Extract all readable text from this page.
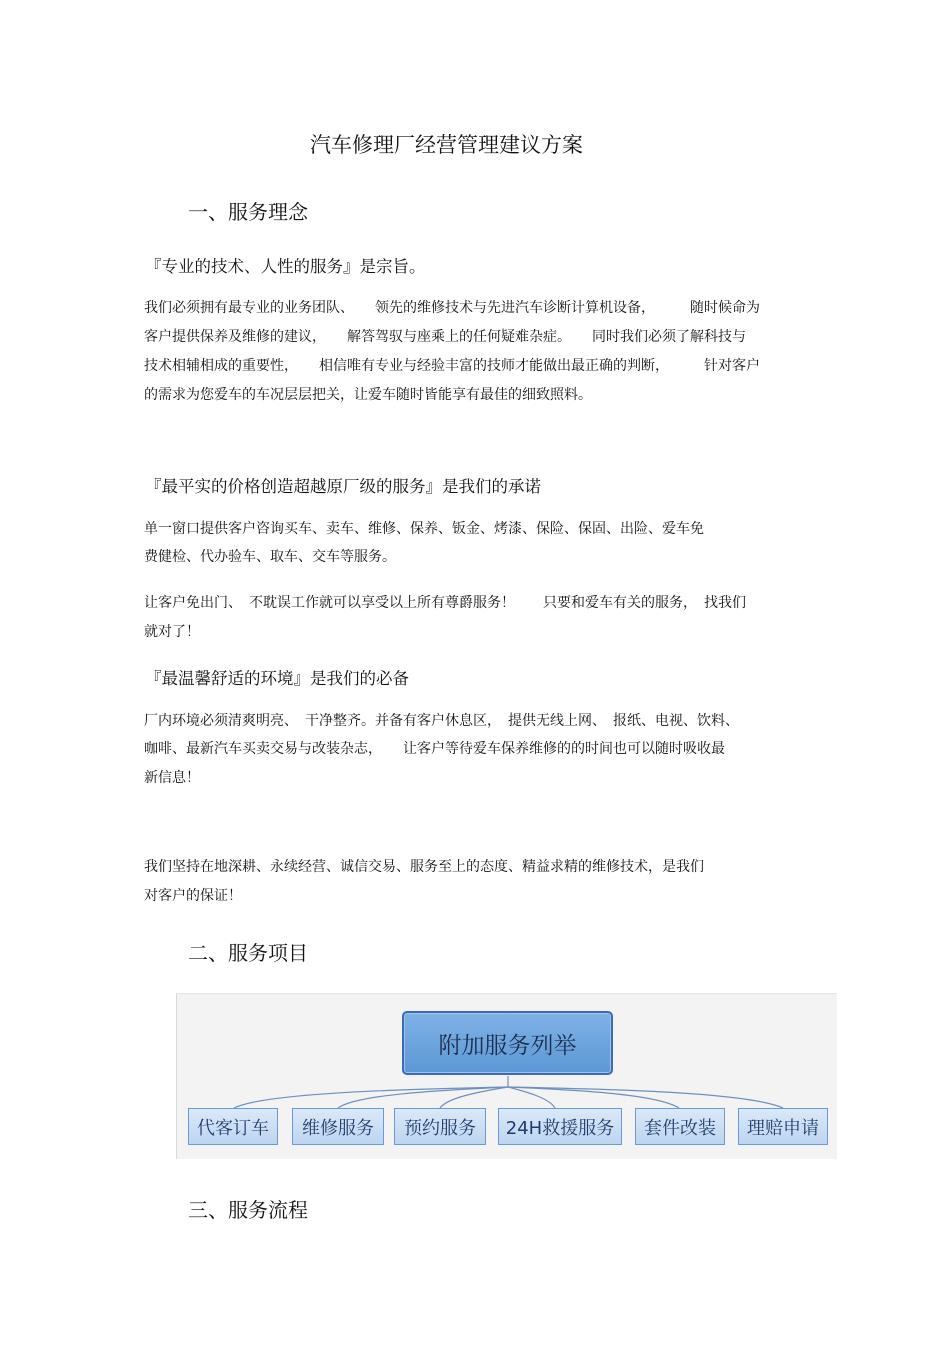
汽车修理厂经营管理建议方案
一、服务理念
『专业的技术、人性的服务』是宗旨。
我们必须拥有最专业的业务团队、　　领先的维修技术与先进汽车诊断计算机设备，　　　随时候命为
客户提供保养及维修的建议，　　解答驾驭与座乘上的任何疑难杂症。　　同时我们必须了解科技与
技术相辅相成的重要性，　　相信唯有专业与经验丰富的技师才能做出最正确的判断，　　　针对客户
的需求为您爱车的车况层层把关，让爱车随时皆能享有最佳的细致照料。
『最平实的价格创造超越原厂级的服务』是我们的承诺
单一窗口提供客户咨询买车、卖车、维修、保养、钣金、烤漆、保险、保固、出险、爱车免
费健检、代办验车、取车、交车等服务。
让客户免出门、　不耽误工作就可以享受以上所有尊爵服务！　　只要和爱车有关的服务，　找我们
就对了！
『最温馨舒适的环境』是我们的必备
厂内环境必须清爽明亮、　干净整齐。并备有客户休息区，　提供无线上网、　报纸、电视、饮料、
咖啡、最新汽车买卖交易与改装杂志，　　让客户等待爱车保养维修的的时间也可以随时吸收最
新信息！
我们坚持在地深耕、永续经营、诚信交易、服务至上的态度、精益求精的维修技术，是我们
对客户的保证！
二、服务项目
附加服务列举
代客订车	维修服务	预约服务	24H救援服务	套件改装	理赔申请
三、服务流程
